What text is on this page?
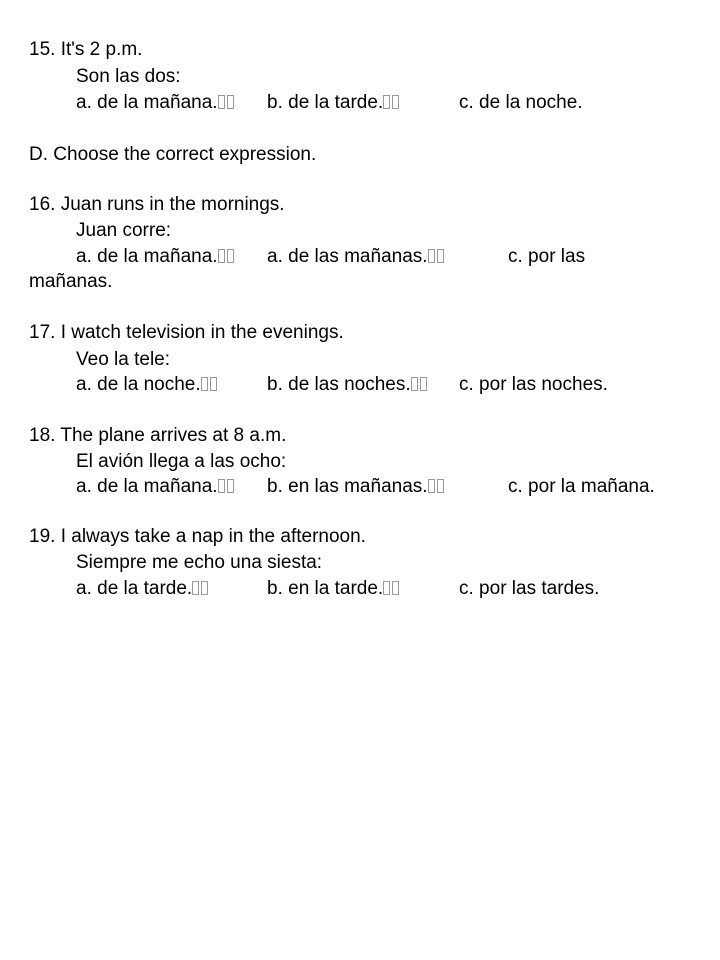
15. It's 2 p.m.
Son las dos:
a. de la mañana.	b. de la tarde.	c. de la noche.
D. Choose the correct expression.
16. Juan runs in the mornings.
Juan corre:
a. de la mañana.	a. de las mañanas.	c. por las
mañanas.
17. I watch television in the evenings.
Veo la tele:
a. de la noche.	b. de las noches.	c. por las noches.
18. The plane arrives at 8 a.m.
El avión llega a las ocho:
a. de la mañana.	b. en las mañanas.	c. por la mañana.
19. I always take a nap in the afternoon.
Siempre me echo una siesta:
a. de la tarde.	b. en la tarde.	c. por las tardes.
